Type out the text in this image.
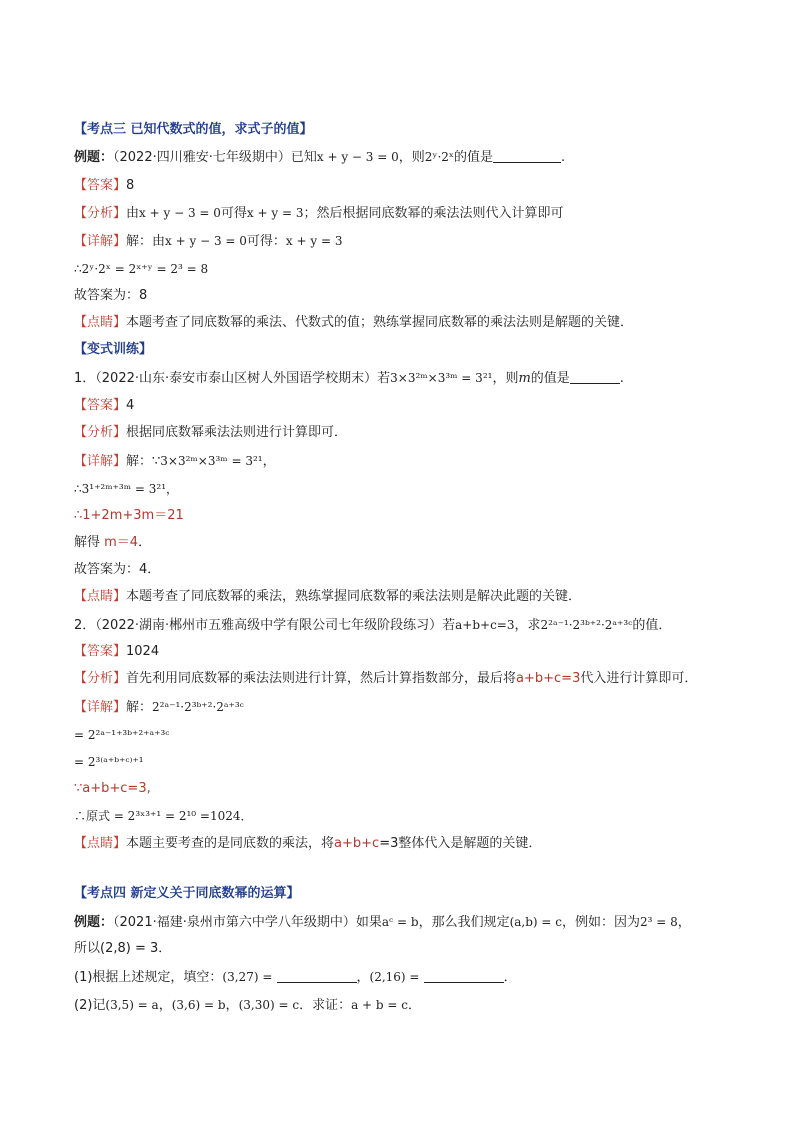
【考点三 已知代数式的值，求式子的值】
例题：（2022·四川雅安·七年级期中）已知x + y − 3 = 0，则2ʸ·2ˣ的值是	.
【答案】8
【分析】由x + y − 3 = 0可得x + y = 3；然后根据同底数幂的乘法法则代入计算即可
【详解】解：由x + y − 3 = 0可得：x + y = 3
∴2ʸ·2ˣ = 2ˣ⁺ʸ = 2³ = 8
故答案为：8
【点睛】本题考查了同底数幂的乘法、代数式的值；熟练掌握同底数幂的乘法法则是解题的关键．
【变式训练】
1．（2022·山东·泰安市泰山区树人外国语学校期末）若3×3²ᵐ×3³ᵐ = 3²¹，则m的值是	.
【答案】4
【分析】根据同底数幂乘法法则进行计算即可．
【详解】解：∵3×3²ᵐ×3³ᵐ = 3²¹，
∴3¹⁺²ᵐ⁺³ᵐ = 3²¹，
∴1+2m+3m＝21
解得 m＝4．
故答案为：4．
【点睛】本题考查了同底数幂的乘法，熟练掌握同底数幂的乘法法则是解决此题的关键．
2．（2022·湖南·郴州市五雅高级中学有限公司七年级阶段练习）若a+b+c=3，求2²ᵃ⁻¹·2³ᵇ⁺²·2ᵃ⁺³ᶜ的值．
【答案】1024
【分析】首先利用同底数幂的乘法法则进行计算，然后计算指数部分，最后将a+b+c=3代入进行计算即可．
【详解】解：2²ᵃ⁻¹·2³ᵇ⁺²·2ᵃ⁺³ᶜ
= 2²ᵃ⁻¹⁺³ᵇ⁺²⁺ᵃ⁺³ᶜ
= 2³⁽ᵃ⁺ᵇ⁺ᶜ⁾⁺¹
∵a+b+c=3,
∴原式 = 2³ˣ³⁺¹ = 2¹⁰ =1024．
【点睛】本题主要考查的是同底数的乘法，将a+b+c=3整体代入是解题的关键．
【考点四 新定义关于同底数幂的运算】
例题：（2021·福建·泉州市第六中学八年级期中）如果aᶜ = b，那么我们规定(a,b) = c，例如：因为2³ = 8，
所以(2,8) = 3．
(1)根据上述规定，填空：(3,27) =	，(2,16) =	．
(2)记(3,5) = a，(3,6) = b，(3,30) = c．求证：a + b = c．
